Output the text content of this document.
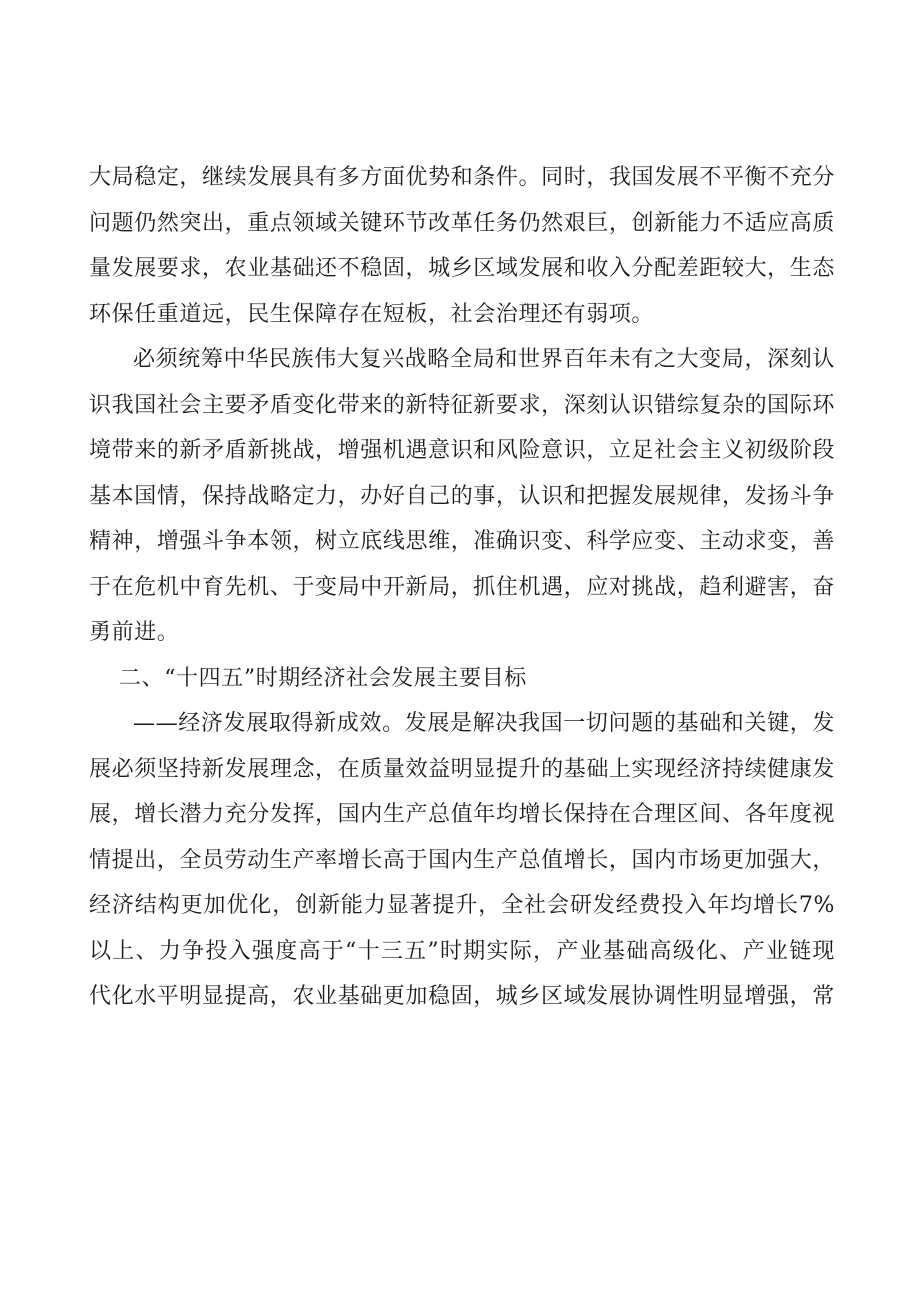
大局稳定，继续发展具有多方面优势和条件。同时，我国发展不平衡不充分问题仍然突出，重点领域关键环节改革任务仍然艰巨，创新能力不适应高质量发展要求，农业基础还不稳固，城乡区域发展和收入分配差距较大，生态环保任重道远，民生保障存在短板，社会治理还有弱项。

必须统筹中华民族伟大复兴战略全局和世界百年未有之大变局，深刻认识我国社会主要矛盾变化带来的新特征新要求，深刻认识错综复杂的国际环境带来的新矛盾新挑战，增强机遇意识和风险意识，立足社会主义初级阶段基本国情，保持战略定力，办好自己的事，认识和把握发展规律，发扬斗争精神，增强斗争本领，树立底线思维，准确识变、科学应变、主动求变，善于在危机中育先机、于变局中开新局，抓住机遇，应对挑战，趋利避害，奋勇前进。

二、“十四五”时期经济社会发展主要目标

——经济发展取得新成效。发展是解决我国一切问题的基础和关键，发展必须坚持新发展理念，在质量效益明显提升的基础上实现经济持续健康发展，增长潜力充分发挥，国内生产总值年均增长保持在合理区间、各年度视情提出，全员劳动生产率增长高于国内生产总值增长，国内市场更加强大，经济结构更加优化，创新能力显著提升，全社会研发经费投入年均增长7%以上、力争投入强度高于“十三五”时期实际，产业基础高级化、产业链现代化水平明显提高，农业基础更加稳固，城乡区域发展协调性明显增强，常
